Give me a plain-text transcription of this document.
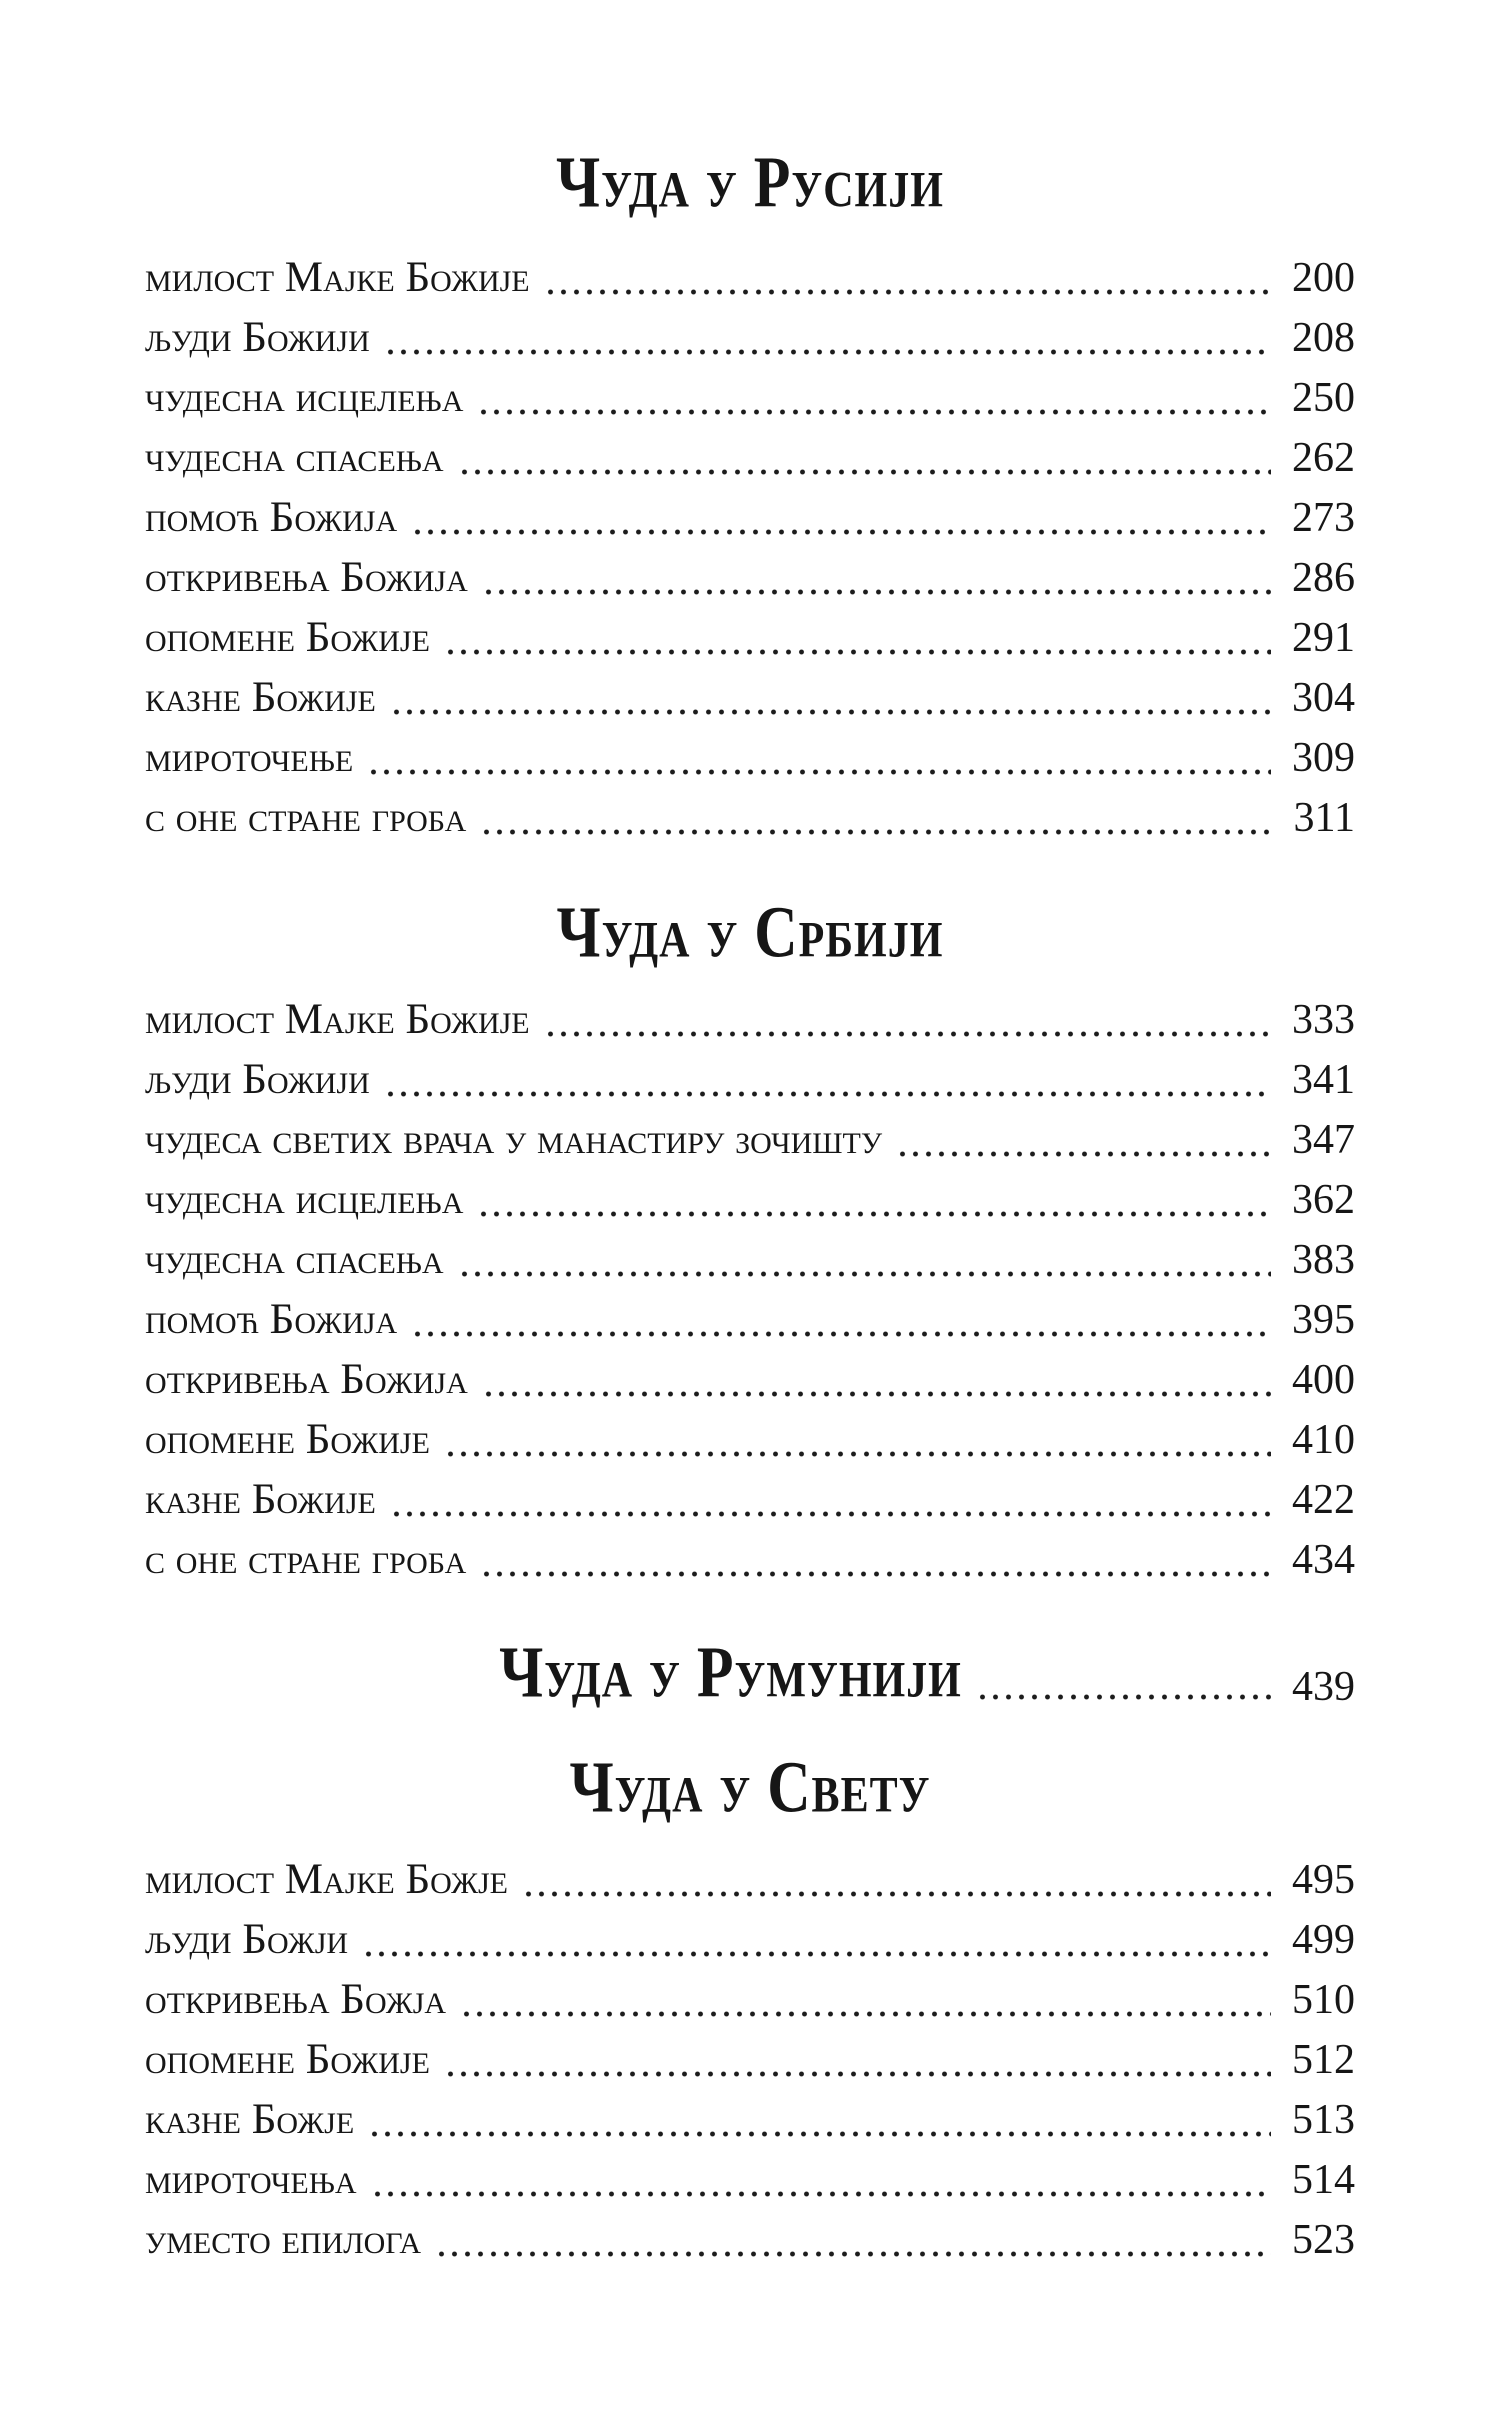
Чуда у Русији
милост Мајке Божије	200
људи Божији	208
чудесна исцелења	250
чудесна спасења	262
помоћ Божија	273
откривења Божија	286
опомене Божије	291
казне Божије	304
мироточење	309
с оне стране гроба	311
Чуда у Србији
милост Мајке Божије	333
људи Божији	341
чудеса светих врача у манастиру зочишту	347
чудесна исцелења	362
чудесна спасења	383
помоћ Божија	395
откривења Божија	400
опомене Божије	410
казне Божије	422
с оне стране гроба	434
Чуда у Румунији	439
Чуда у Свету
милост Мајке Божје	495
људи Божји	499
откривења Божја	510
опомене Божије	512
казне Божје	513
мироточења	514
уместо епилога	523
